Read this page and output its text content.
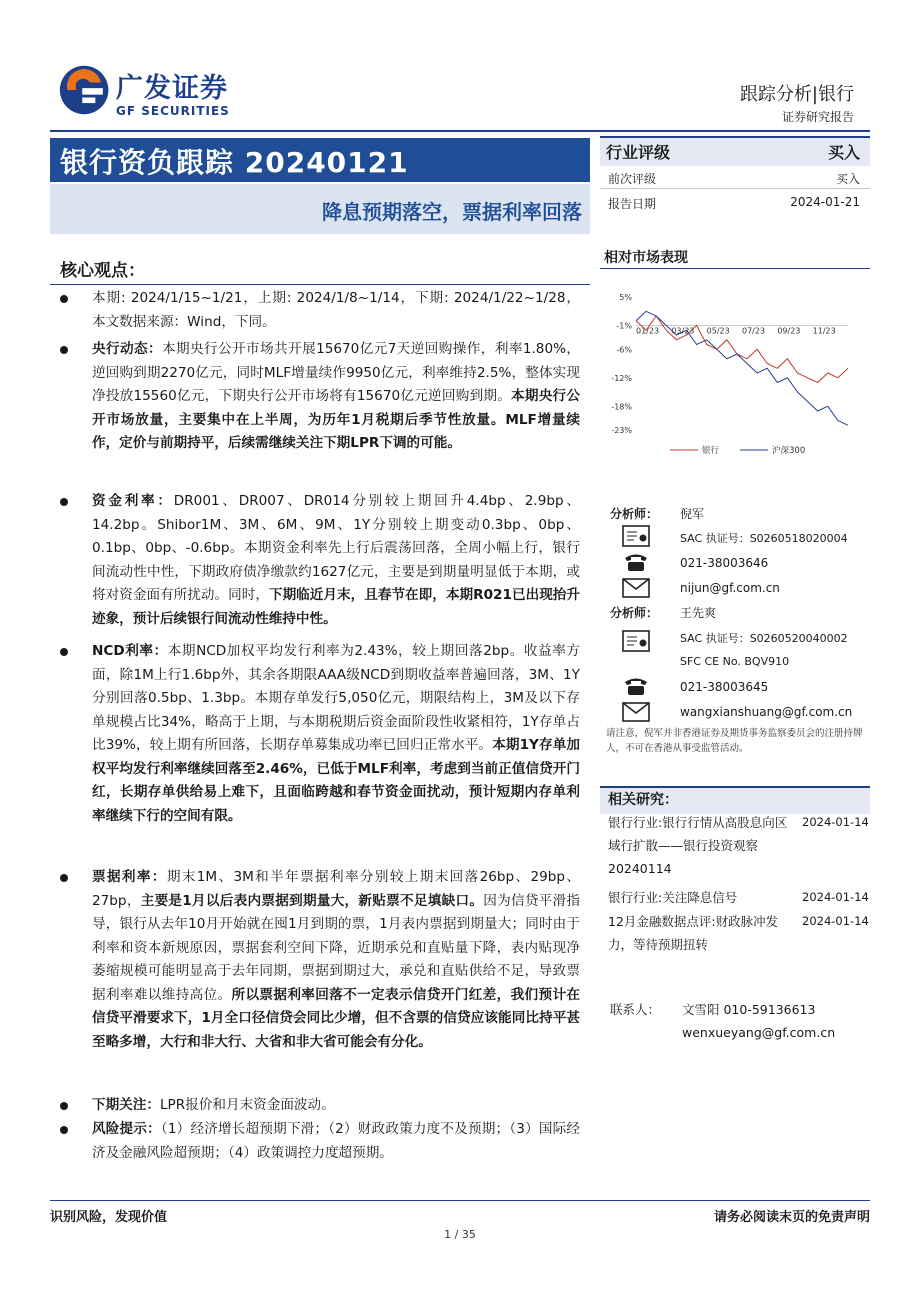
广发证券
GF SECURITIES
跟踪分析|银行
证券研究报告
银行资负跟踪 20240121
降息预期落空，票据利率回落
行业评级	买入
前次评级	买入
报告日期	2024-01-21
核心观点：
本期: 2024/1/15~1/21，上期: 2024/1/8~1/14，下期: 2024/1/22~1/28，本文数据来源：Wind，下同。
央行动态：本期央行公开市场共开展15670亿元7天逆回购操作，利率1.80%，逆回购到期2270亿元，同时MLF增量续作9950亿元，利率维持2.5%，整体实现净投放15560亿元，下期央行公开市场将有15670亿元逆回购到期。本期央行公开市场放量，主要集中在上半周，为历年1月税期后季节性放量。MLF增量续作，定价与前期持平，后续需继续关注下期LPR下调的可能。
资金利率：DR001、DR007、DR014分别较上期回升4.4bp、2.9bp、14.2bp。Shibor1M、3M、6M、9M、1Y分别较上期变动0.3bp、0bp、0.1bp、0bp、-0.6bp。本期资金利率先上行后震荡回落，全周小幅上行，银行间流动性中性，下期政府债净缴款约1627亿元，主要是到期量明显低于本期，或将对资金面有所扰动。同时，下期临近月末，且春节在即，本期R021已出现抬升迹象，预计后续银行间流动性维持中性。
NCD利率：本期NCD加权平均发行利率为2.43%，较上期回落2bp。收益率方面，除1M上行1.6bp外，其余各期限AAA级NCD到期收益率普遍回落，3M、1Y分别回落0.5bp、1.3bp。本期存单发行5,050亿元，期限结构上，3M及以下存单规模占比34%，略高于上期，与本期税期后资金面阶段性收紧相符，1Y存单占比39%，较上期有所回落，长期存单募集成功率已回归正常水平。本期1Y存单加权平均发行利率继续回落至2.46%，已低于MLF利率，考虑到当前正值信贷开门红，长期存单供给易上难下，且面临跨越和春节资金面扰动，预计短期内存单利率继续下行的空间有限。
票据利率：期末1M、3M和半年票据利率分别较上期末回落26bp、29bp、27bp，主要是1月以后表内票据到期量大，新贴票不足填缺口。因为信贷平滑指导，银行从去年10月开始就在囤1月到期的票，1月表内票据到期量大；同时由于利率和资本新规原因，票据套利空间下降，近期承兑和直贴量下降，表内贴现净萎缩规模可能明显高于去年同期，票据到期过大，承兑和直贴供给不足，导致票据利率难以维持高位。所以票据利率回落不一定表示信贷开门红差，我们预计在信贷平滑要求下，1月全口径信贷会同比少增，但不含票的信贷应该能同比持平甚至略多增，大行和非大行、大省和非大省可能会有分化。
下期关注：LPR报价和月末资金面波动。
风险提示：（1）经济增长超预期下滑；（2）财政政策力度不及预期；（3）国际经济及金融风险超预期；（4）政策调控力度超预期。
相对市场表现
5%
-1%
-6%
-12%
-18%
-23%
01/23 03/23 05/23 07/23 09/23 11/23
银行	沪深300
分析师： 倪军
SAC 执证号：S0260518020004
021-38003646
nijun@gf.com.cn
分析师： 王先爽
SAC 执证号：S0260520040002
SFC CE No. BQV910
021-38003645
wangxianshuang@gf.com.cn
请注意，倪军并非香港证券及期货事务监察委员会的注册持牌人，不可在香港从事受监管活动。
相关研究：
银行行业:银行行情从高股息向区域行扩散——银行投资观察20240114
2024-01-14
银行行业:关注降息信号	2024-01-14
12月金融数据点评:财政脉冲发力，等待预期扭转
2024-01-14
联系人： 文雪阳 010-59136613
wenxueyang@gf.com.cn
识别风险，发现价值	请务必阅读末页的免责声明
1 / 35
